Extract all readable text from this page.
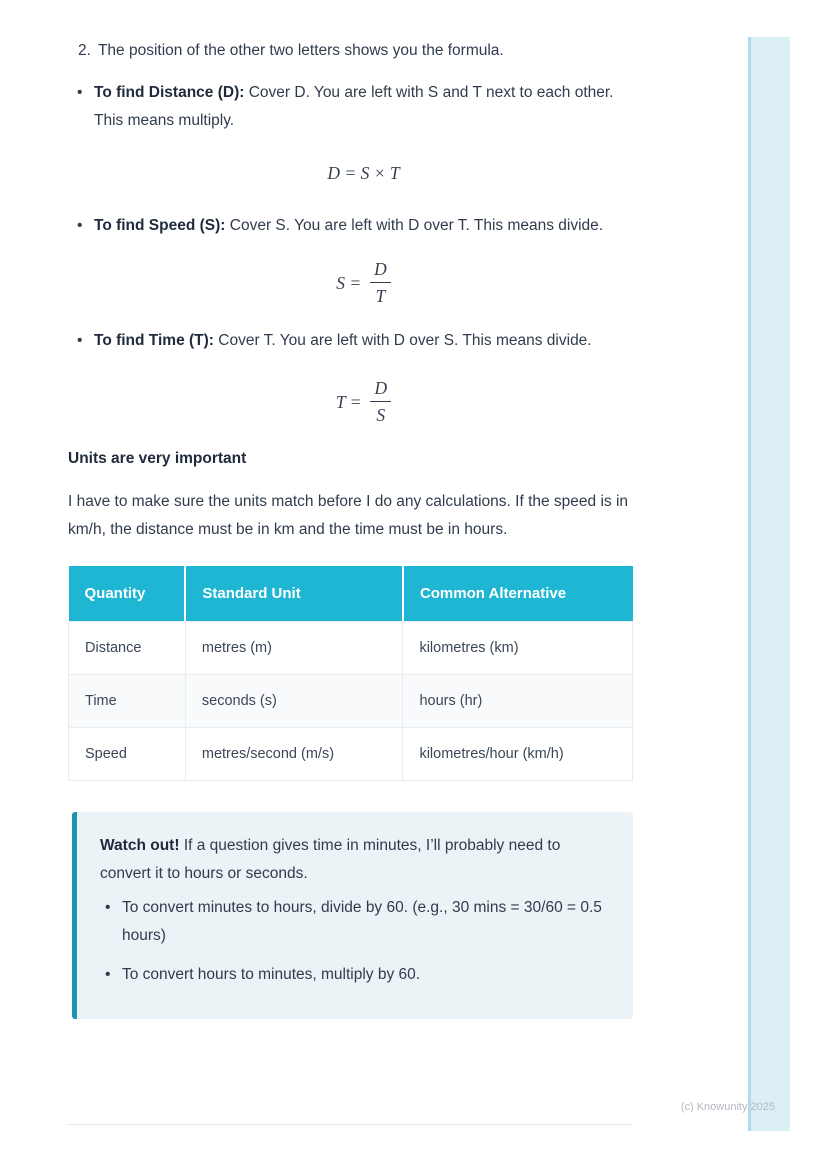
2. The position of the other two letters shows you the formula.
• To find Distance (D): Cover D. You are left with S and T next to each other. This means multiply.
D = S × T
• To find Speed (S): Cover S. You are left with D over T. This means divide.
$S = \frac{D}{T}$
• To find Time (T): Cover T. You are left with D over S. This means divide.
$T = \frac{D}{S}$
Units are very important

I have to make sure the units match before I do any calculations. If the speed is in km/h, the distance must be in km and the time must be in hours.

Quantity	Standard Unit	Common Alternative
Distance	metres (m)	kilometres (km)
Time	seconds (s)	hours (hr)
Speed	metres/second (m/s)	kilometres/hour (km/h)
Watch out! If a question gives time in minutes, I’ll probably need to convert it to hours or seconds.
• To convert minutes to hours, divide by 60. (e.g., 30 mins = 30/60 = 0.5 hours)
• To convert hours to minutes, multiply by 60.
(c) Knowunity 2025
